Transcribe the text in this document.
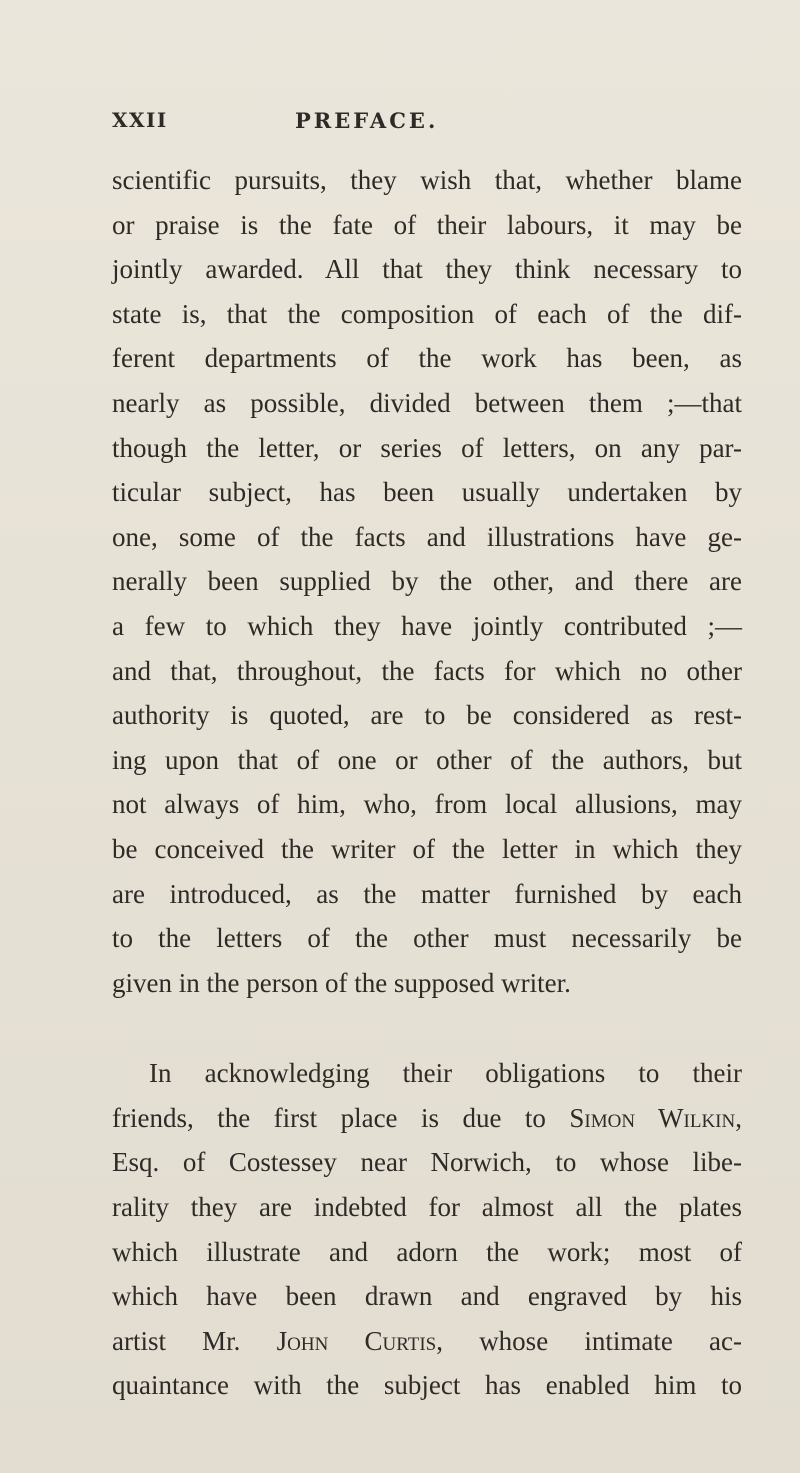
XXII	PREFACE.
scientific pursuits, they wish that, whether blame
or praise is the fate of their labours, it may be
jointly awarded. All that they think necessary to
state is, that the composition of each of the dif-
ferent departments of the work has been, as
nearly as possible, divided between them ;—that
though the letter, or series of letters, on any par-
ticular subject, has been usually undertaken by
one, some of the facts and illustrations have ge-
nerally been supplied by the other, and there are
a few to which they have jointly contributed ;—
and that, throughout, the facts for which no other
authority is quoted, are to be considered as rest-
ing upon that of one or other of the authors, but
not always of him, who, from local allusions, may
be conceived the writer of the letter in which they
are introduced, as the matter furnished by each
to the letters of the other must necessarily be
given in the person of the supposed writer.
In acknowledging their obligations to their
friends, the first place is due to Simon Wilkin,
Esq. of Costessey near Norwich, to whose libe-
rality they are indebted for almost all the plates
which illustrate and adorn the work; most of
which have been drawn and engraved by his
artist Mr. John Curtis, whose intimate ac-
quaintance with the subject has enabled him to
